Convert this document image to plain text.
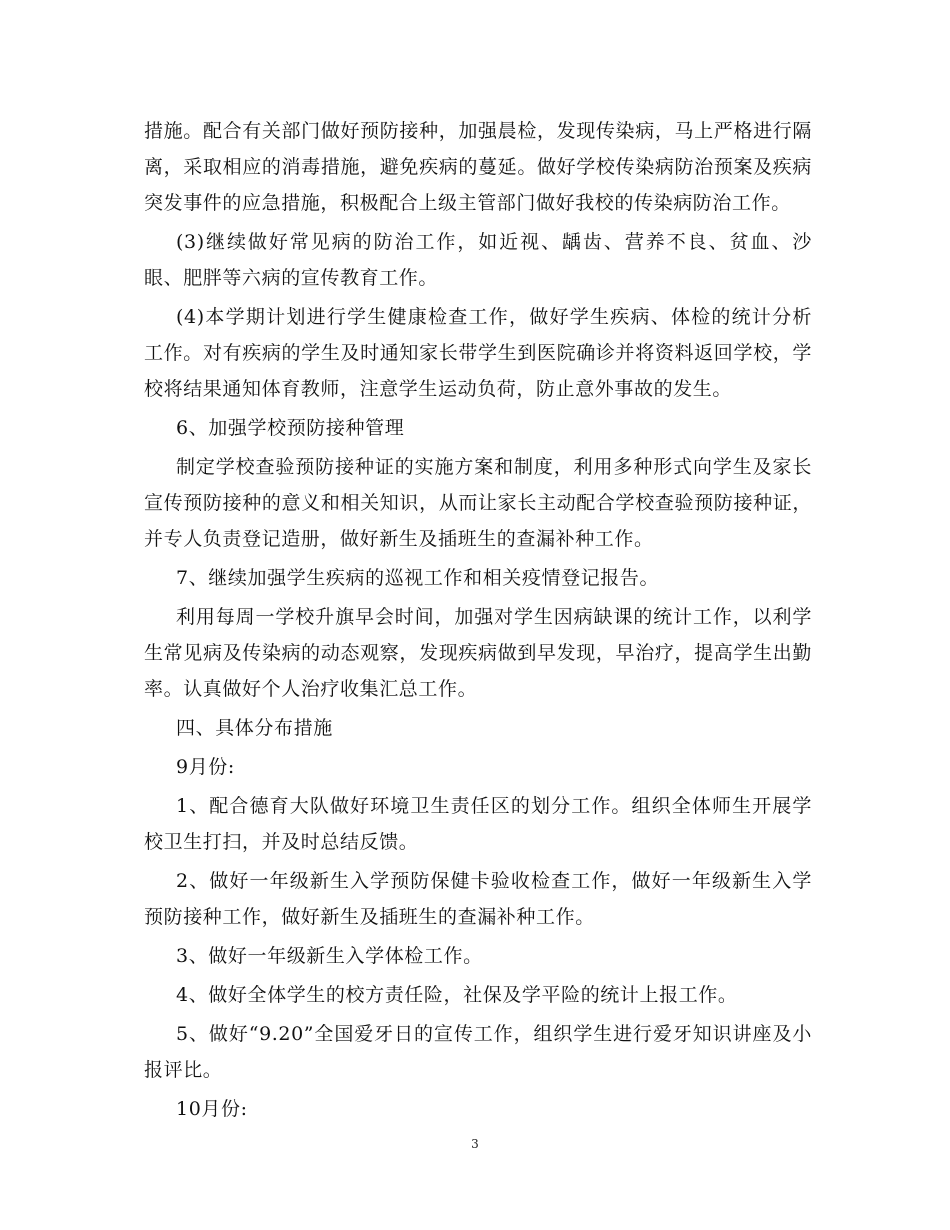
措施。配合有关部门做好预防接种，加强晨检，发现传染病，马上严格进行隔离，采取相应的消毒措施，避免疾病的蔓延。做好学校传染病防治预案及疾病突发事件的应急措施，积极配合上级主管部门做好我校的传染病防治工作。

(3)继续做好常见病的防治工作，如近视、龋齿、营养不良、贫血、沙眼、肥胖等六病的宣传教育工作。

(4)本学期计划进行学生健康检查工作，做好学生疾病、体检的统计分析工作。对有疾病的学生及时通知家长带学生到医院确诊并将资料返回学校，学校将结果通知体育教师，注意学生运动负荷，防止意外事故的发生。

6、加强学校预防接种管理

制定学校查验预防接种证的实施方案和制度，利用多种形式向学生及家长宣传预防接种的意义和相关知识，从而让家长主动配合学校查验预防接种证，并专人负责登记造册，做好新生及插班生的查漏补种工作。

7、继续加强学生疾病的巡视工作和相关疫情登记报告。

利用每周一学校升旗早会时间，加强对学生因病缺课的统计工作，以利学生常见病及传染病的动态观察，发现疾病做到早发现，早治疗，提高学生出勤率。认真做好个人治疗收集汇总工作。

四、具体分布措施

9月份:

1、配合德育大队做好环境卫生责任区的划分工作。组织全体师生开展学校卫生打扫，并及时总结反馈。

2、做好一年级新生入学预防保健卡验收检查工作，做好一年级新生入学预防接种工作，做好新生及插班生的查漏补种工作。

3、做好一年级新生入学体检工作。

4、做好全体学生的校方责任险，社保及学平险的统计上报工作。

5、做好“9.20”全国爱牙日的宣传工作，组织学生进行爱牙知识讲座及小报评比。

10月份:

3
